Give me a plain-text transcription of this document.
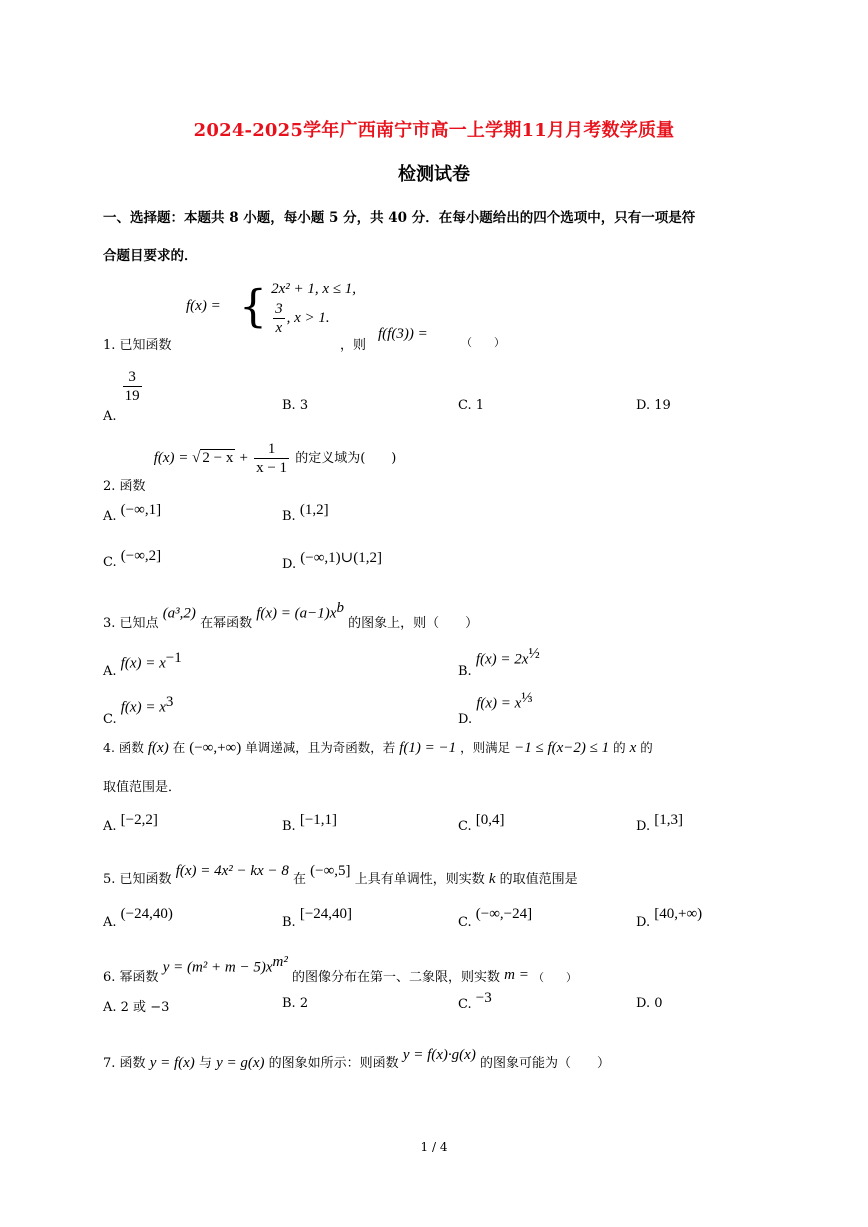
2024-2025学年广西南宁市高一上学期11月月考数学质量
检测试卷
一、选择题：本题共 8 小题，每小题 5 分，共 40 分．在每小题给出的四个选项中，只有一项是符
合题目要求的．
1. 已知函数
f(x) = { 2x² + 1, x ≤ 1,
$\frac{3}{x}$ , x > 1.
，则
f(f(3)) =
（　　）
A.
$\frac{3}{19}$
B. 3	C. 1	D. 19
2. 函数 f(x) = √ $2 - x + \frac{1}{x - 1}$ 的定义域为(　　)
A. (−∞,1]	B. (1,2]
C. (−∞,2]
D. (−∞,1)∪(1,2]
3. 已知点 (a³,2) 在幂函数 $f(x) = (a-1)x^b$ 的图象上，则（　　）
A. $f(x) = x^{-1}$
B. $f(x) = 2x^{\frac{1}{2}}$
C. $f(x) = x^3$
D. $f(x) = x^{\frac{1}{3}}$
4. 函数 f(x) 在 (−∞,+∞) 单调递减，且为奇函数，若 f(1) = −1 ，则满足 −1 ≤ f(x−2) ≤ 1 的 x 的
取值范围是．
A. [−2,2]	B. [−1,1]	C. [0,4]	D. [1,3]
5. 已知函数 f(x) = 4x² − kx − 8 在 (−∞,5] 上具有单调性，则实数 k 的取值范围是
A. (−24,40)
B. [−24,40]
C. (−∞,−24]
D. [40,+∞)
6. 幂函数 $y = (m^2 + m - 5)x^{m^2}$ 的图像分布在第一、二象限，则实数 m = $_{( )}$
A. 2 或 −3	B. 2	C. −3	D. 0
7. 函数 y = f(x) 与 y = g(x) 的图象如所示：则函数 y = f(x)·g(x) 的图象可能为（　　）
1 / 4
